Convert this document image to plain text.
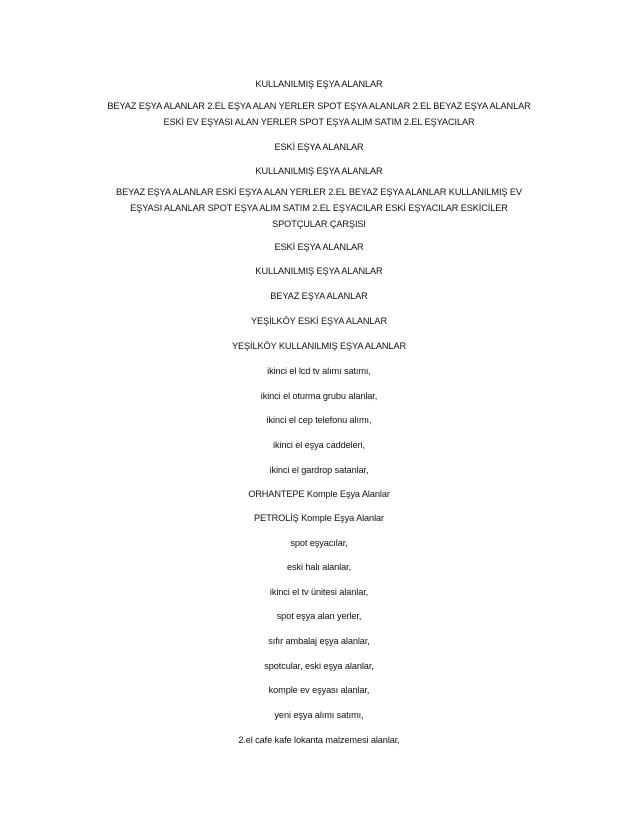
KULLANILMIŞ EŞYA ALANLAR
BEYAZ EŞYA ALANLAR 2.EL EŞYA ALAN YERLER SPOT EŞYA ALANLAR 2.EL BEYAZ EŞYA ALANLAR
ESKİ EV EŞYASI ALAN YERLER SPOT EŞYA ALIM SATIM 2.EL EŞYACILAR
ESKİ EŞYA ALANLAR
KULLANILMIŞ EŞYA ALANLAR
BEYAZ EŞYA ALANLAR ESKİ EŞYA ALAN YERLER 2.EL BEYAZ EŞYA ALANLAR KULLANILMIŞ EV
EŞYASI ALANLAR SPOT EŞYA ALIM SATIM 2.EL EŞYACILAR ESKİ EŞYACILAR ESKİCİLER
SPOTÇULAR ÇARŞISI
ESKİ EŞYA ALANLAR
KULLANILMIŞ EŞYA ALANLAR
BEYAZ EŞYA ALANLAR
YEŞİLKÖY ESKİ EŞYA ALANLAR
YEŞİLKÖY KULLANILMIŞ EŞYA ALANLAR
ikinci el lcd tv alımı satımı,
ikinci el oturma grubu alanlar,
ikinci el cep telefonu alımı,
ikinci el eşya caddeleri,
ikinci el gardrop satanlar,
ORHANTEPE Komple Eşya Alanlar
PETROLİŞ Komple Eşya Alanlar
spot eşyacılar,
eski halı alanlar,
ikinci el tv ünitesi alanlar,
spot eşya alan yerler,
sıfır ambalaj eşya alanlar,
spotcular, eski eşya alanlar,
komple ev eşyası alanlar,
yeni eşya alımı satımı,
2.el cafe kafe lokanta malzemesi alanlar,
